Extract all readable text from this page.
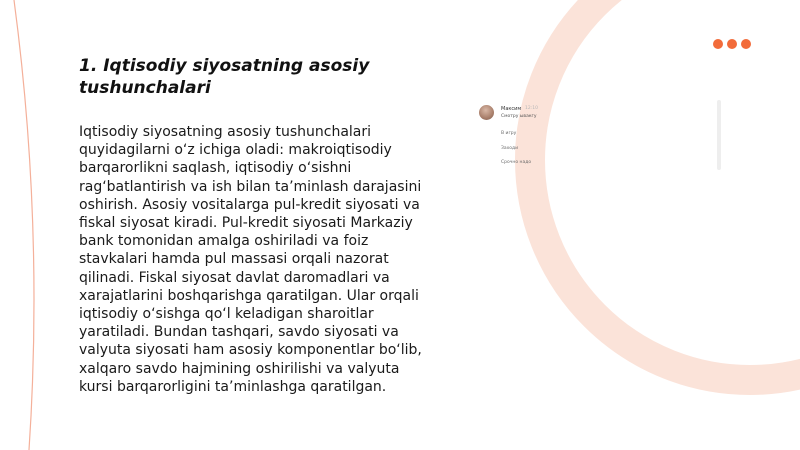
1. Iqtisodiy siyosatning asosiy tushunchalari

Iqtisodiy siyosatning asosiy tushunchalari quyidagilarni o‘z ichiga oladi: makroiqtisodiy barqarorlikni saqlash, iqtisodiy o‘sishni rag‘batlantirish va ish bilan ta’minlash darajasini oshirish. Asosiy vositalarga pul-kredit siyosati va fiskal siyosat kiradi. Pul-kredit siyosati Markaziy bank tomonidan amalga oshiriladi va foiz stavkalari hamda pul massasi orqali nazorat qilinadi. Fiskal siyosat davlat daromadlari va xarajatlarini boshqarishga qaratilgan. Ular orqali iqtisodiy o‘sishga qo‘l keladigan sharoitlar yaratiladi. Bundan tashqari, savdo siyosati va valyuta siyosati ham asosiy komponentlar bo‘lib, xalqaro savdo hajmining oshirilishi va valyuta kursi barqarorligini ta’minlashga qaratilgan.

Максим 12:10
Смотру ывакгу
В игру
Заходи
Срочно надо
